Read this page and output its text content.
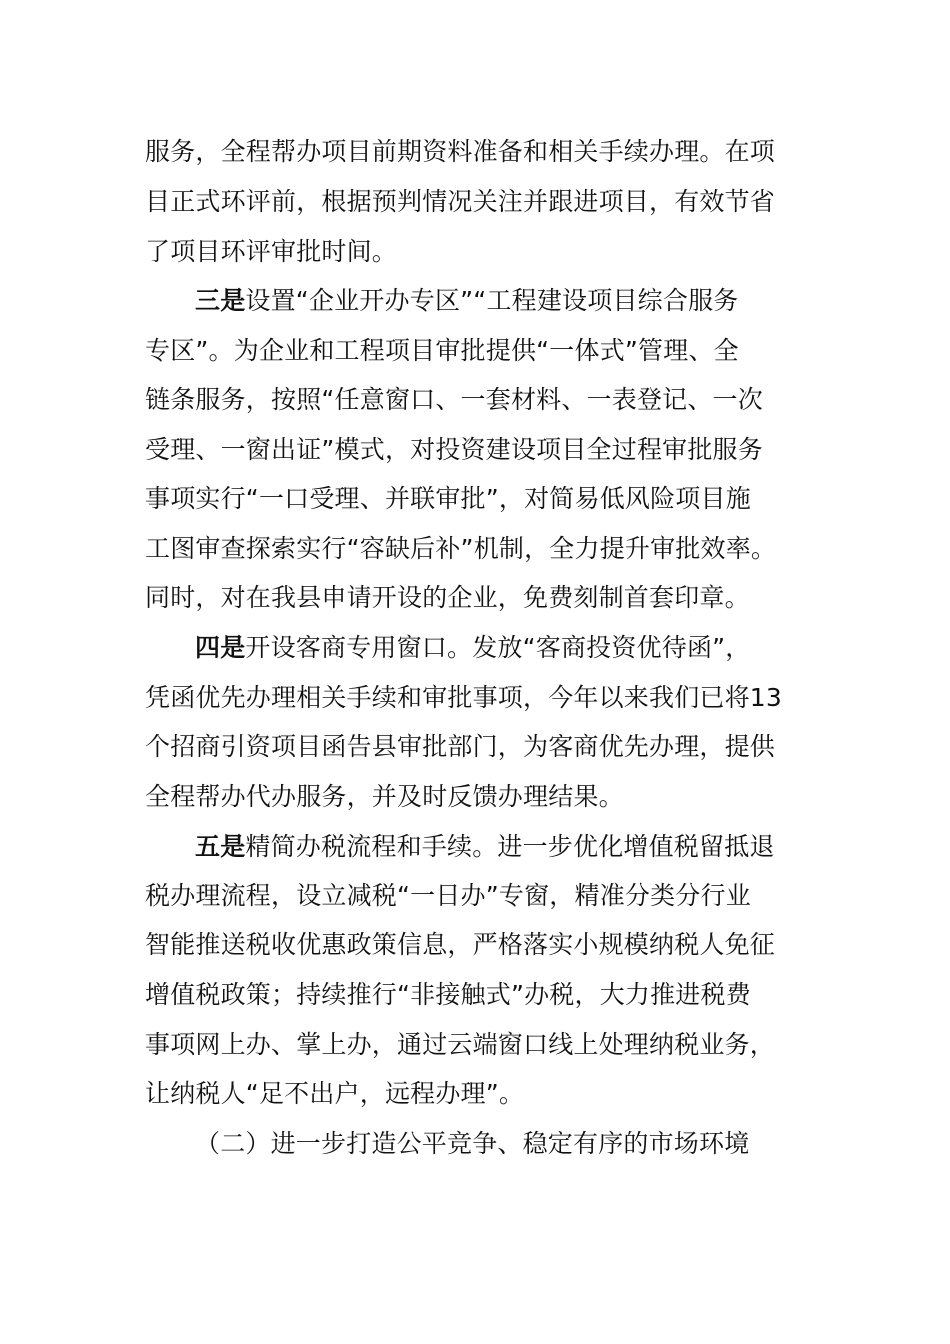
服务，全程帮办项目前期资料准备和相关手续办理。在项
目正式环评前，根据预判情况关注并跟进项目，有效节省
了项目环评审批时间。
三是设置“企业开办专区”“工程建设项目综合服务
专区”。为企业和工程项目审批提供“一体式”管理、全
链条服务，按照“任意窗口、一套材料、一表登记、一次
受理、一窗出证”模式，对投资建设项目全过程审批服务
事项实行“一口受理、并联审批”，对简易低风险项目施
工图审查探索实行“容缺后补”机制，全力提升审批效率。
同时，对在我县申请开设的企业，免费刻制首套印章。
四是开设客商专用窗口。发放“客商投资优待函”，
凭函优先办理相关手续和审批事项，今年以来我们已将13
个招商引资项目函告县审批部门，为客商优先办理，提供
全程帮办代办服务，并及时反馈办理结果。
五是精简办税流程和手续。进一步优化增值税留抵退
税办理流程，设立减税“一日办”专窗，精准分类分行业
智能推送税收优惠政策信息，严格落实小规模纳税人免征
增值税政策；持续推行“非接触式”办税，大力推进税费
事项网上办、掌上办，通过云端窗口线上处理纳税业务，
让纳税人“足不出户，远程办理”。
（二）进一步打造公平竞争、稳定有序的市场环境
